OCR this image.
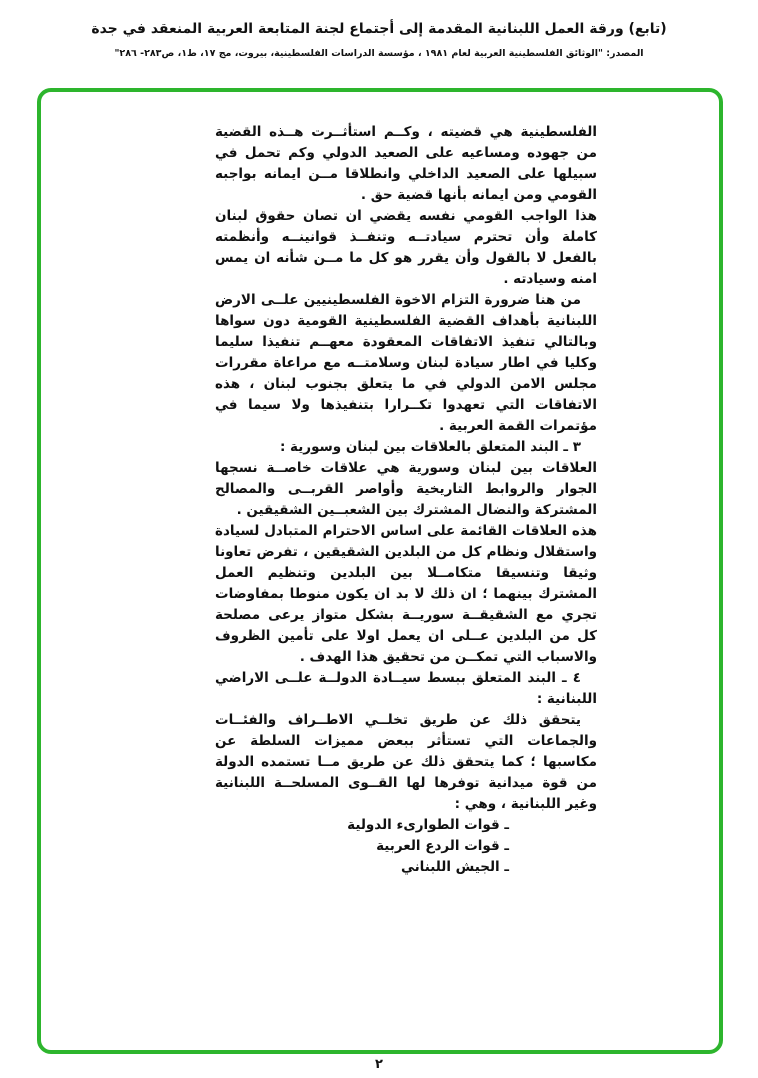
(تابع) ورقة العمل اللبنانية المقدمة إلى أجتماع لجنة المتابعة العربية المنعقد في جدة
المصدر: "الوثائق الفلسطينية العربية لعام ١٩٨١ ، مؤسسة الدراسات الفلسطينية، بيروت، مج ١٧، ط١، ص٢٨٣- ٢٨٦"

الفلسطينية هي قضيته ، وكــم استأثــرت هــذه القضية من جهوده ومساعيه على الصعيد الدولي وكم تحمل في سبيلها على الصعيد الداخلي وانطلاقا مــن ايمانه بواجبه القومي ومن ايمانه بأنها قضية حق .

هذا الواجب القومي نفسه يقضي ان تصان حقوق لبنان كاملة وأن تحترم سيادتــه وتنفــذ قوانينــه وأنظمته بالفعل لا بالقول وأن يقرر هو كل ما مــن شأنه ان يمس امنه وسيادته .

من هنا ضرورة التزام الاخوة الفلسطينيين علــى الارض اللبنانية بأهداف القضية الفلسطينية القومية دون سواها وبالتالي تنفيذ الاتفاقات المعقودة معهــم تنفيذا سليما وكليا في اطار سيادة لبنان وسلامتــه مع مراعاة مقررات مجلس الامن الدولي في ما يتعلق بجنوب لبنان ، هذه الاتفاقات التي تعهدوا تكــرارا بتنفيذها ولا سيما في مؤتمرات القمة العربية .

٣ ـ البند المتعلق بالعلاقات بين لبنان وسورية :

العلاقات بين لبنان وسورية هي علاقات خاصــة نسجها الجوار والروابط التاريخية وأواصر القربــى والمصالح المشتركة والنضال المشترك بين الشعبــين الشقيقين .

هذه العلاقات القائمة على اساس الاحترام المتبادل لسيادة واستقلال ونظام كل من البلدين الشقيقين ، تفرض تعاونا وثيقا وتنسيقا متكامــلا بين البلدين وتنظيم العمل المشترك بينهما ؛ ان ذلك لا بد ان يكون منوطا بمفاوضات تجري مع الشقيقــة سوريــة بشكل متواز يرعى مصلحة كل من البلدين عــلى ان يعمل اولا على تأمين الظروف والاسباب التي تمكــن من تحقيق هذا الهدف .

٤ ـ البند المتعلق ببسط سيــادة الدولــة علــى الاراضي اللبنانية :

يتحقق ذلك عن طريق تخلــي الاطــراف والفئــات والجماعات التي تستأثر ببعض مميزات السلطة عن مكاسبها ؛ كما يتحقق ذلك عن طريق مــا تستمده الدولة من قوة ميدانية توفرها لها القــوى المسلحــة اللبنانية وغير اللبنانية ، وهي :

ـ قوات الطوارىء الدولية

ـ قوات الردع العربية

ـ الجيش اللبناني

٢
